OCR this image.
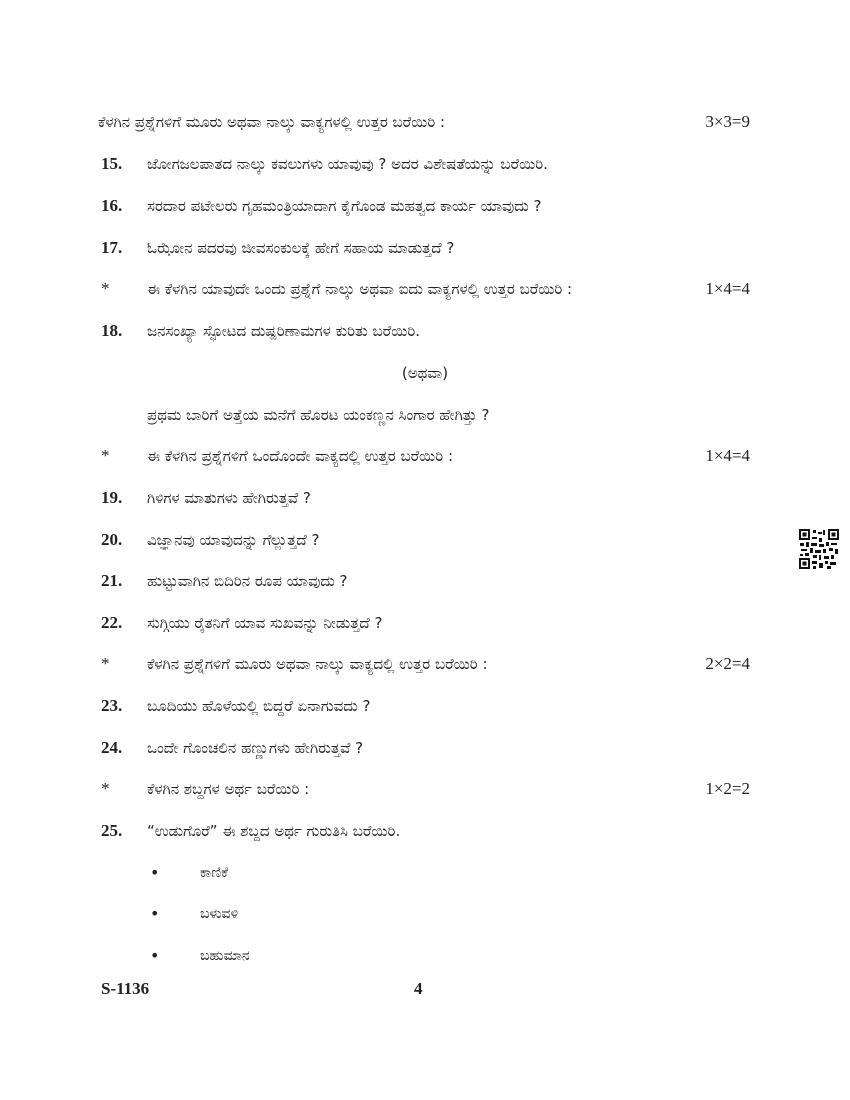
ಕೆಳಗಿನ ಪ್ರಶ್ನೆಗಳಿಗೆ ಮೂರು ಅಥವಾ ನಾಲ್ಕು ವಾಕ್ಯಗಳಲ್ಲಿ ಉತ್ತರ ಬರೆಯಿರಿ :	3×3=9
15. ಜೋಗಜಲಪಾತದ ನಾಲ್ಕು ಕವಲುಗಳು ಯಾವುವು ? ಅದರ ವಿಶೇಷತೆಯನ್ನು ಬರೆಯಿರಿ.
16. ಸರದಾರ ಪಟೇಲರು ಗೃಹಮಂತ್ರಿಯಾದಾಗ ಕೈಗೊಂಡ ಮಹತ್ವದ ಕಾರ್ಯ ಯಾವುದು ?
17. ಓಝೋನ ಪದರವು ಜೀವಸಂಕುಲಕ್ಕೆ ಹೇಗೆ ಸಹಾಯ ಮಾಡುತ್ತದೆ ?
*	ಈ ಕೆಳಗಿನ ಯಾವುದೇ ಒಂದು ಪ್ರಶ್ನೆಗೆ ನಾಲ್ಕು ಅಥವಾ ಐದು ವಾಕ್ಯಗಳಲ್ಲಿ ಉತ್ತರ ಬರೆಯಿರಿ :	1×4=4
18. ಜನಸಂಖ್ಯಾ ಸ್ಫೋಟದ ದುಷ್ಪರಿಣಾಮಗಳ ಕುರಿತು ಬರೆಯಿರಿ.
(ಅಥವಾ)
ಪ್ರಥಮ ಬಾರಿಗೆ ಅತ್ತೆಯ ಮನೆಗೆ ಹೊರಟ ಯಂಕಣ್ಣನ ಸಿಂಗಾರ ಹೇಗಿತ್ತು ?
*	ಈ ಕೆಳಗಿನ ಪ್ರಶ್ನೆಗಳಿಗೆ ಒಂದೊಂದೇ ವಾಕ್ಯದಲ್ಲಿ ಉತ್ತರ ಬರೆಯಿರಿ :	1×4=4
19. ಗಿಳಿಗಳ ಮಾತುಗಳು ಹೇಗಿರುತ್ತವೆ ?
20. ವಿಜ್ಞಾನವು ಯಾವುದನ್ನು ಗೆಲ್ಲುತ್ತದೆ ?
21. ಹುಟ್ಟುವಾಗಿನ ಬಿದಿರಿನ ರೂಪ ಯಾವುದು ?
22. ಸುಗ್ಗಿಯು ರೈತನಿಗೆ ಯಾವ ಸುಖವನ್ನು ನೀಡುತ್ತದೆ ?
*	ಕೆಳಗಿನ ಪ್ರಶ್ನೆಗಳಿಗೆ ಮೂರು ಅಥವಾ ನಾಲ್ಕು ವಾಕ್ಯದಲ್ಲಿ ಉತ್ತರ ಬರೆಯಿರಿ :	2×2=4
23. ಬೂದಿಯು ಹೊಳೆಯಲ್ಲಿ ಬಿದ್ದರೆ ಏನಾಗುವದು ?
24. ಒಂದೇ ಗೊಂಚಲಿನ ಹಣ್ಣುಗಳು ಹೇಗಿರುತ್ತವೆ ?
*	ಕೆಳಗಿನ ಶಬ್ದಗಳ ಅರ್ಥ ಬರೆಯಿರಿ :	1×2=2
25. “ಉಡುಗೊರೆ” ಈ ಶಬ್ದದ ಅರ್ಥ ಗುರುತಿಸಿ ಬರೆಯಿರಿ.
•	ಕಾಣಿಕೆ
•	ಬಳುವಳಿ
•	ಬಹುಮಾನ
S-1136	4
